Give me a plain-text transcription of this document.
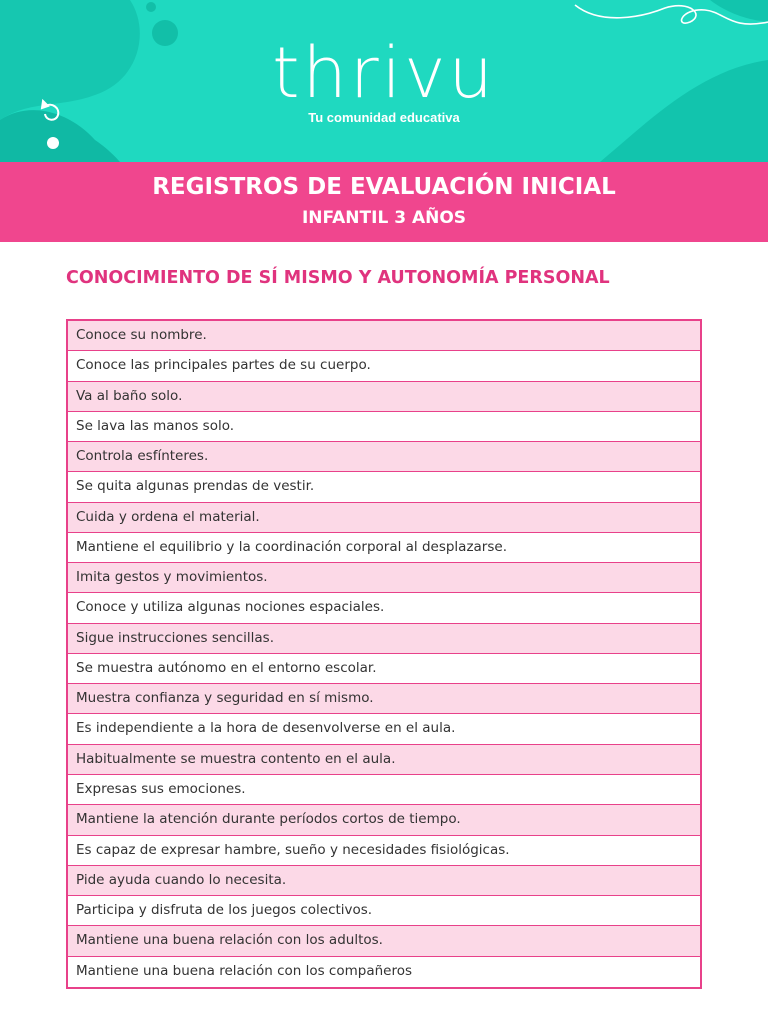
thrivu
Tu comunidad educativa
REGISTROS DE EVALUACIÓN INICIAL
INFANTIL 3 AÑOS
CONOCIMIENTO DE SÍ MISMO Y AUTONOMÍA PERSONAL
Conoce su nombre.
Conoce las principales partes de su cuerpo.
Va al baño solo.
Se lava las manos solo.
Controla esfínteres.
Se quita algunas prendas de vestir.
Cuida y ordena el material.
Mantiene el equilibrio y la coordinación corporal al desplazarse.
Imita gestos y movimientos.
Conoce y utiliza algunas nociones espaciales.
Sigue instrucciones sencillas.
Se muestra autónomo en el entorno escolar.
Muestra confianza y seguridad en sí mismo.
Es independiente a la hora de desenvolverse en el aula.
Habitualmente se muestra contento en el aula.
Expresas sus emociones.
Mantiene la atención durante períodos cortos de tiempo.
Es capaz de expresar hambre, sueño y necesidades fisiológicas.
Pide ayuda cuando lo necesita.
Participa y disfruta de los juegos colectivos.
Mantiene una buena relación con los adultos.
Mantiene una buena relación con los compañeros
